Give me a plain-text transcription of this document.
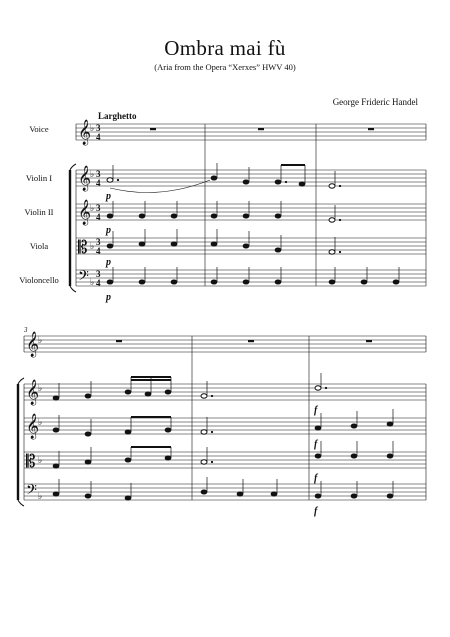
Ombra mai fù
(Aria from the Opera “Xerxes” HWV 40)
George Frideric Handel
Larghetto
Voice
Violin I
Violin II
Viola
Violoncello
3
𝄞
𝄞
𝄞
𝄡
𝄢
♭
♭
♭
♭
♭
3
4
3
4
3
4
3
4
3
4
p
p
p
p
𝄞
𝄞
𝄞
𝄡
𝄢
♭
♭
♭
♭
♭
f
f
f
f
